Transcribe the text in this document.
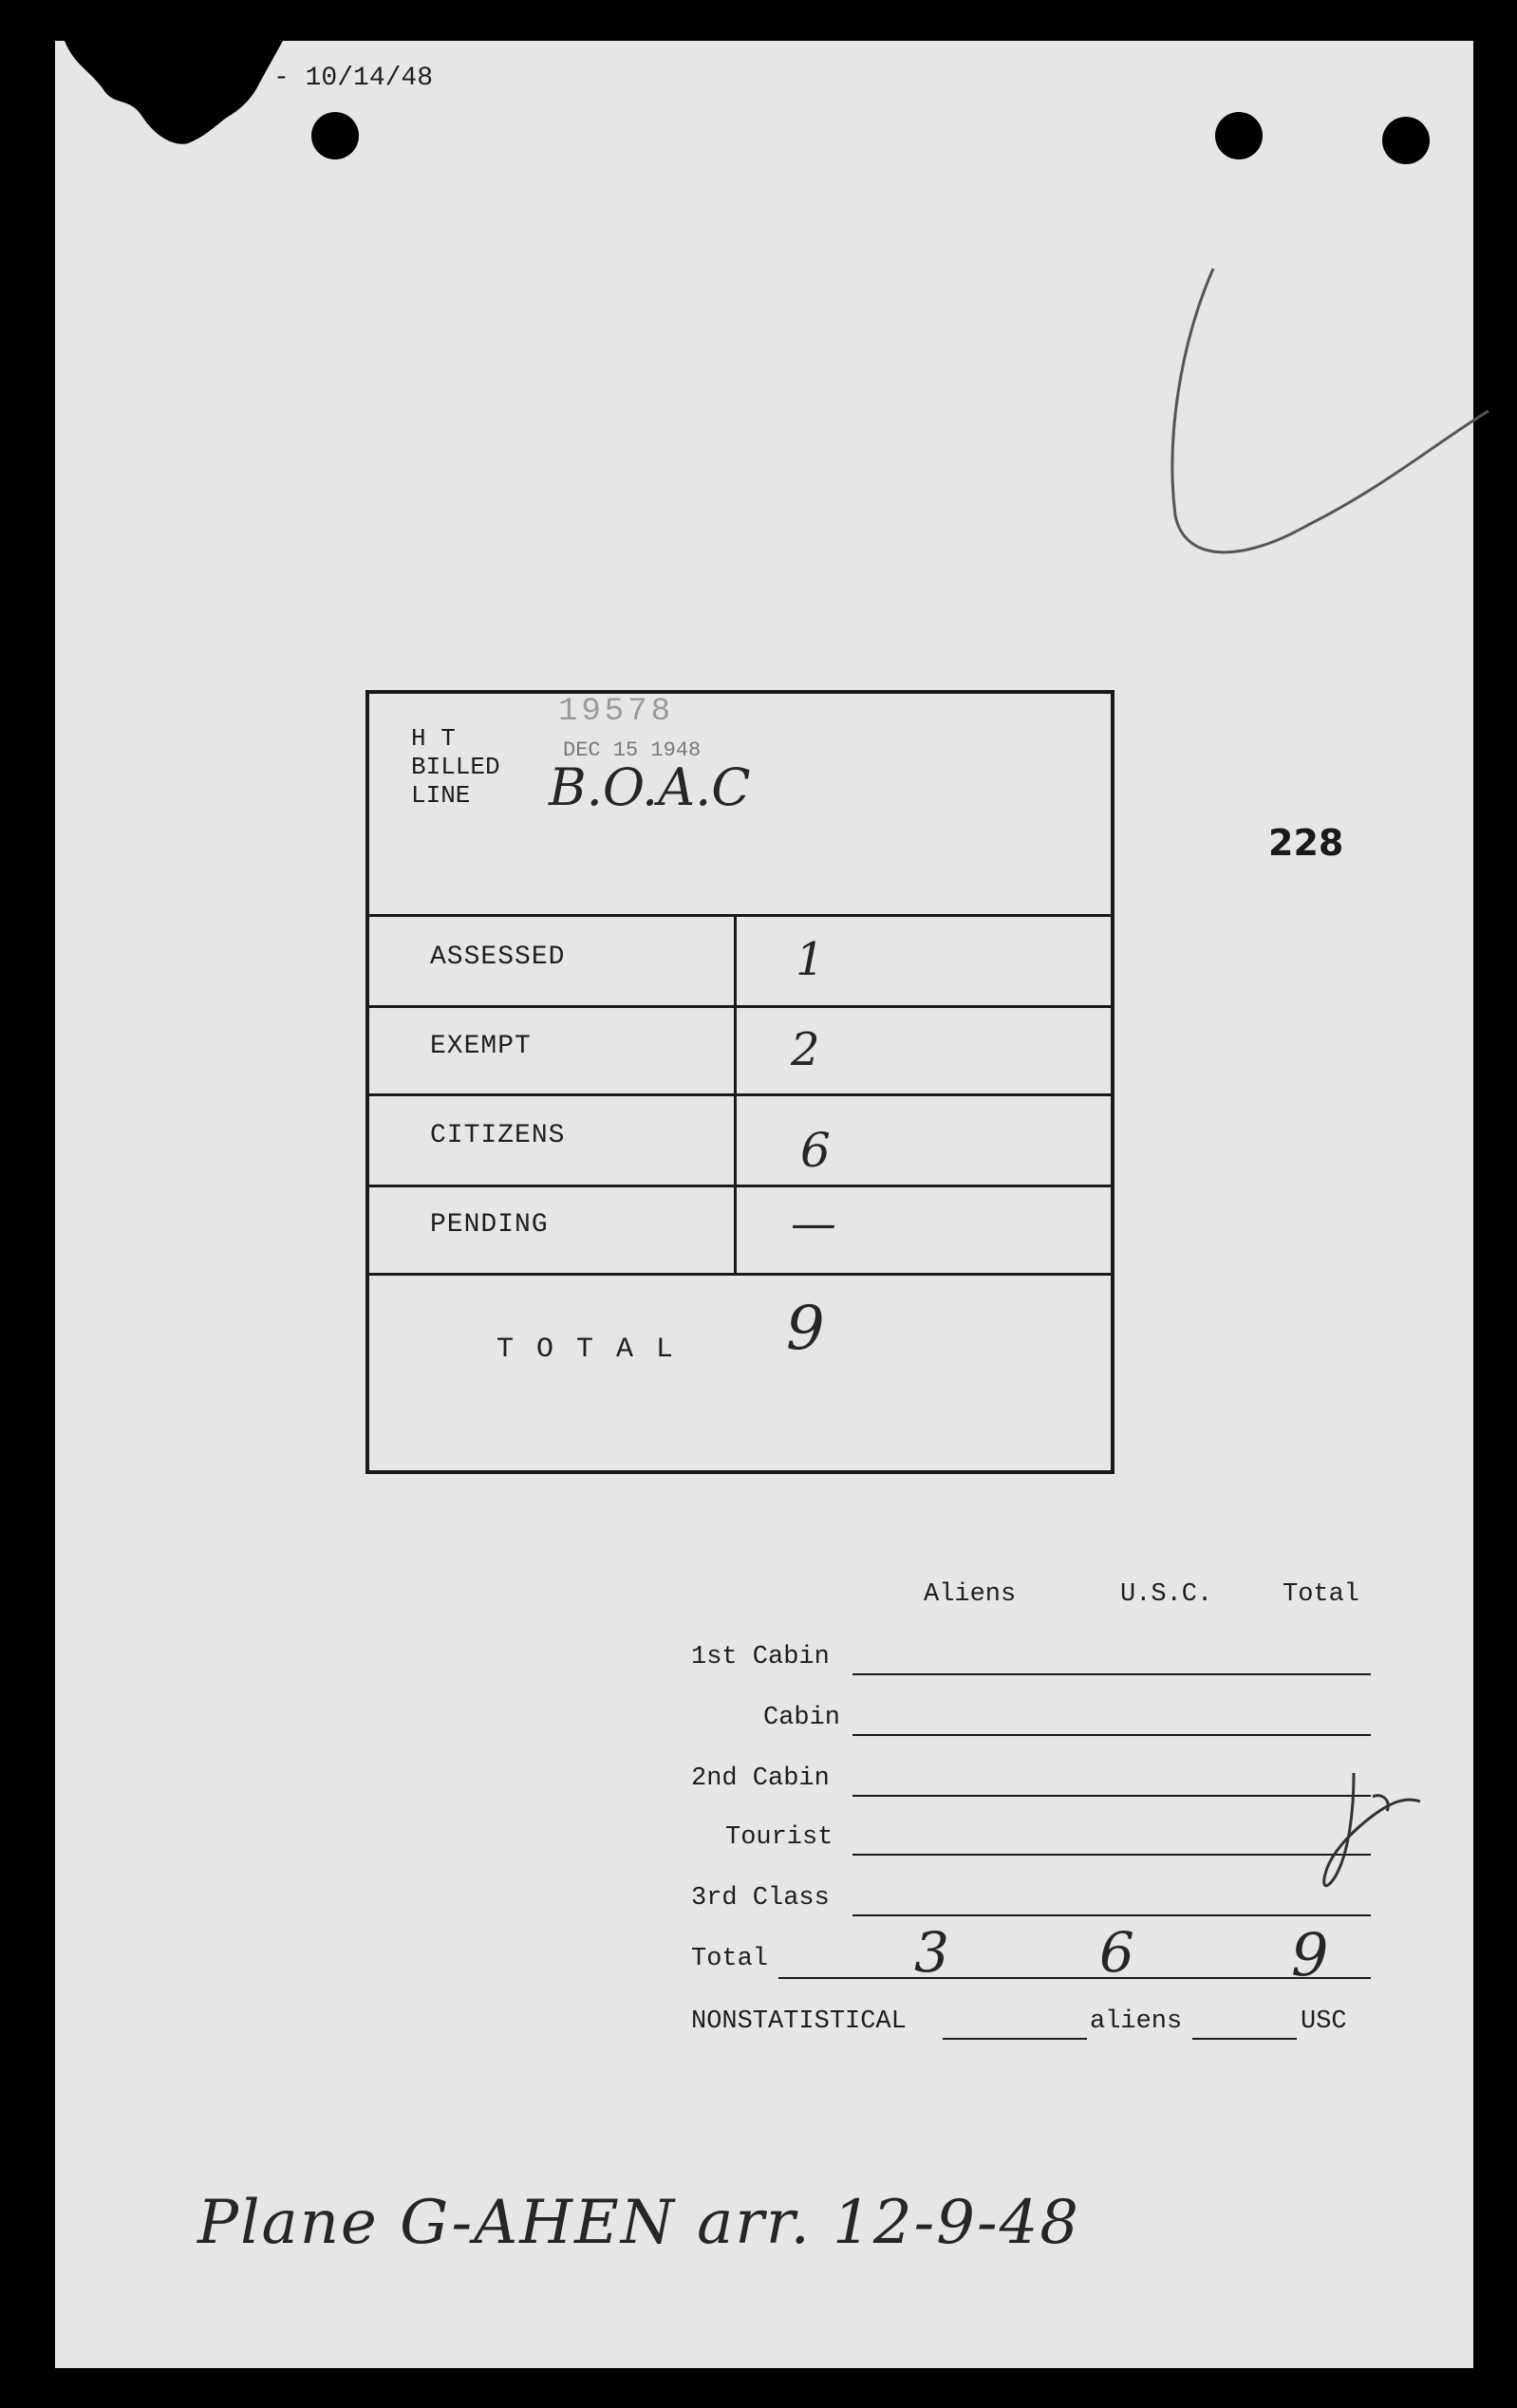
- 10/14/48
H T
BILLED
LINE
19578
DEC 15 1948
B.O.A.C
228
ASSESSED	1
EXEMPT	2
CITIZENS	6
PENDING	—
T O T A L 9
Aliens	U.S.C.	Total
1st Cabin
Cabin
2nd Cabin
Tourist
3rd Class
Total	3	6	9
NONSTATISTICAL	aliens	USC
Plane G-AHEN arr. 12-9-48
